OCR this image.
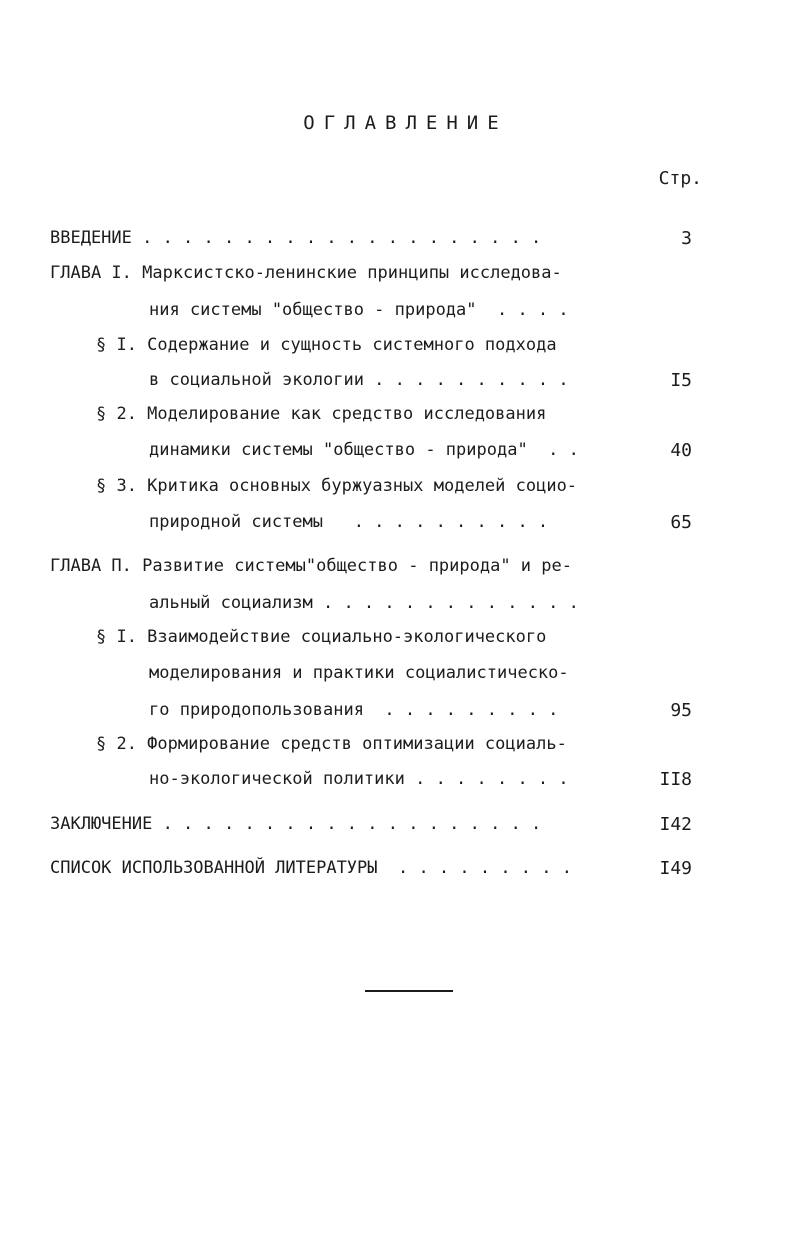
ОГЛАВЛЕНИЕ
Стр.
ВВЕДЕНИЕ . . . . . . . . . . . . . . . . . . . .	3
ГЛАВА I. Марксистско-ленинские принципы исследова-
ния системы "общество - природа"  . . . .
§ I. Содержание и сущность системного подхода
в социальной экологии . . . . . . . . . .	I5
§ 2. Моделирование как средство исследования
динамики системы "общество - природа"  . .	40
§ 3. Критика основных буржуазных моделей социо-
природной системы   . . . . . . . . . .	65
ГЛАВА П. Развитие системы"общество - природа" и ре-
альный социализм . . . . . . . . . . . . .
§ I. Взаимодействие социально-экологического
моделирования и практики социалистическо-
го природопользования  . . . . . . . . .	95
§ 2. Формирование средств оптимизации социаль-
но-экологической политики . . . . . . . .	II8
ЗАКЛЮЧЕНИЕ . . . . . . . . . . . . . . . . . . .	I42
СПИСОК ИСПОЛЬЗОВАННОЙ ЛИТЕРАТУРЫ  . . . . . . . . .	I49
